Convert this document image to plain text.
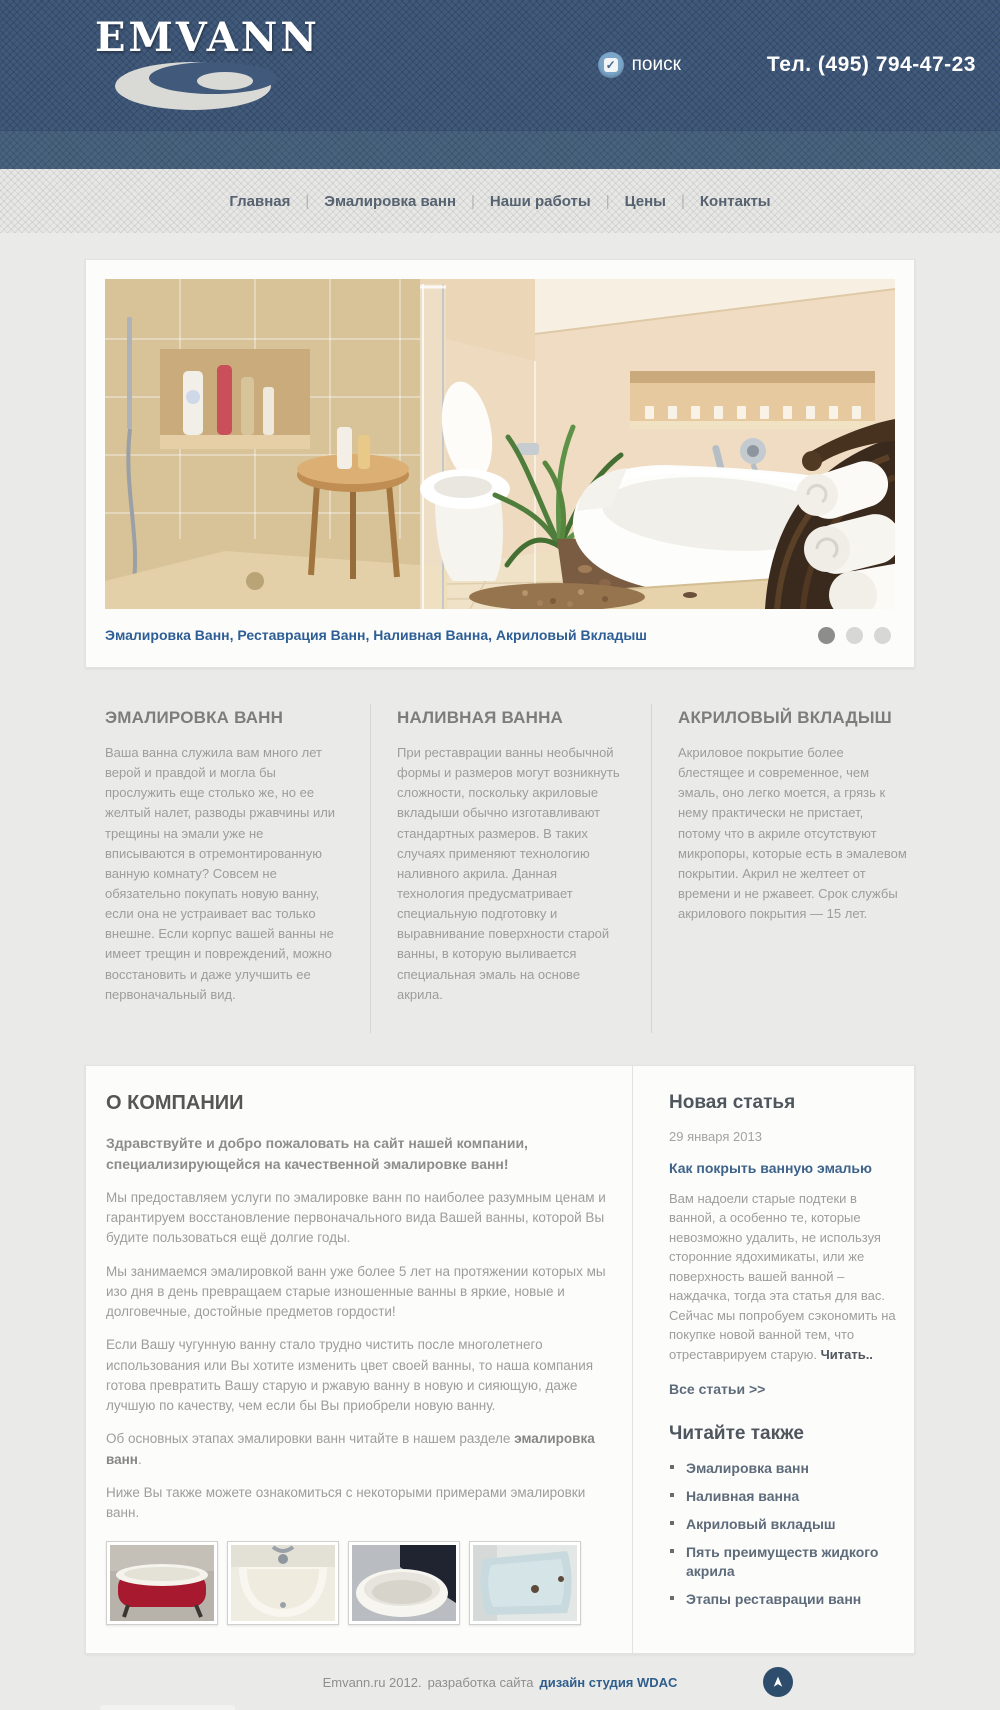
EMVANN
✓ поиск	Тел. (495) 794-47-23
Главная | Эмалировка ванн | Наши работы | Цены | Контакты
Эмалировка Ванн, Реставрация Ванн, Наливная Ванна, Акриловый Вкладыш
ЭМАЛИРОВКА ВАНН

Ваша ванна служила вам много лет верой и правдой и могла бы прослужить еще столько же, но ее желтый налет, разводы ржавчины или трещины на эмали уже не вписываются в отремонтированную ванную комнату? Совсем не обязательно покупать новую ванну, если она не устраивает вас только внешне. Если корпус вашей ванны не имеет трещин и повреждений, можно восстановить и даже улучшить ее первоначальный вид.

НАЛИВНАЯ ВАННА

При реставрации ванны необычной формы и размеров могут возникнуть сложности, поскольку акриловые вкладыши обычно изготавливают стандартных размеров. В таких случаях применяют технологию наливного акрила. Данная технология предусматривает специальную подготовку и выравнивание поверхности старой ванны, в которую выливается специальная эмаль на основе акрила.

АКРИЛОВЫЙ ВКЛАДЫШ

Акриловое покрытие более блестящее и современное, чем эмаль, оно легко моется, а грязь к нему практически не пристает, потому что в акриле отсутствуют микропоры, которые есть в эмалевом покрытии. Акрил не желтеет от времени и не ржавеет. Срок службы акрилового покрытия — 15 лет.

О КОМПАНИИ

Здравствуйте и добро пожаловать на сайт нашей компании, специализирующейся на качественной эмалировке ванн!

Мы предоставляем услуги по эмалировке ванн по наиболее разумным ценам и гарантируем восстановление первоначального вида Вашей ванны, которой Вы будите пользоваться ещё долгие годы.

Мы занимаемся эмалировкой ванн уже более 5 лет на протяжении которых мы изо дня в день превращаем старые изношенные ванны в яркие, новые и долговечные, достойные предметов гордости!

Если Вашу чугунную ванну стало трудно чистить после многолетнего использования или Вы хотите изменить цвет своей ванны, то наша компания готова превратить Вашу старую и ржавую ванну в новую и сияющую, даже лучшую по качеству, чем если бы Вы приобрели новую ванну.

Об основных этапах эмалировки ванн читайте в нашем разделе эмалировка ванн.

Ниже Вы также можете ознакомиться с некоторыми примерами эмалировки ванн.

Новая статья

29 января 2013

Как покрыть ванную эмалью

Вам надоели старые подтеки в ванной, а особенно те, которые невозможно удалить, не используя сторонние ядохимикаты, или же поверхность вашей ванной – наждачка, тогда эта статья для вас. Сейчас мы попробуем сэкономить на покупке новой ванной тем, что отреставрируем старую. Читать..

Все статьи >>
Читайте также
Эмалировка ванн
Наливная ванна
Акриловый вкладыш
Пять преимуществ жидкого акрила
Этапы реставрации ванн
Emvann.ru 2012. разработка сайта дизайн студия WDAC
